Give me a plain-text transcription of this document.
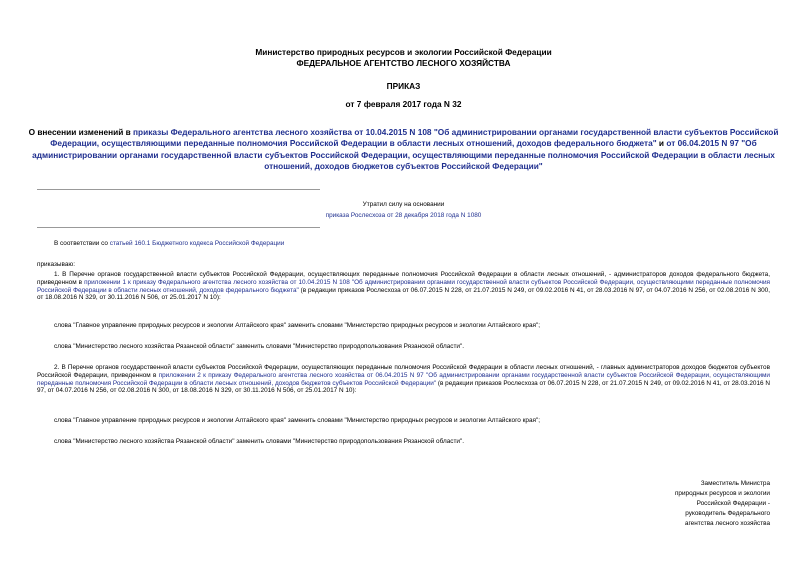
Министерство природных ресурсов и экологии Российской Федерации
ФЕДЕРАЛЬНОЕ АГЕНТСТВО ЛЕСНОГО ХОЗЯЙСТВА
ПРИКАЗ
от 7 февраля 2017 года N 32
О внесении изменений в приказы Федерального агентства лесного хозяйства от 10.04.2015 N 108 "Об администрировании органами государственной власти субъектов Российской Федерации, осуществляющими переданные полномочия Российской Федерации в области лесных отношений, доходов федерального бюджета" и от 06.04.2015 N 97 "Об администрировании органами государственной власти субъектов Российской Федерации, осуществляющими переданные полномочия Российской Федерации в области лесных отношений, доходов бюджетов субъектов Российской Федерации"
Утратил силу на основании
приказа Рослесхоза от 28 декабря 2018 года N 1080
В соответствии со статьей 160.1 Бюджетного кодекса Российской Федерации
приказываю:
1. В Перечне органов государственной власти субъектов Российской Федерации, осуществляющих переданные полномочия Российской Федерации в области лесных отношений, - администраторов доходов федерального бюджета, приведенном в приложении 1 к приказу Федерального агентства лесного хозяйства от 10.04.2015 N 108 "Об администрировании органами государственной власти субъектов Российской Федерации, осуществляющими переданные полномочия Российской Федерации в области лесных отношений, доходов федерального бюджета" (в редакции приказов Рослесхоза от 06.07.2015 N 228, от 21.07.2015 N 249, от 09.02.2016 N 41, от 28.03.2016 N 97, от 04.07.2016 N 256, от 02.08.2016 N 300, от 18.08.2016 N 329, от 30.11.2016 N 506, от 25.01.2017 N 10):
слова "Главное управление природных ресурсов и экологии Алтайского края" заменить словами "Министерство природных ресурсов и экологии Алтайского края";
слова "Министерство лесного хозяйства Рязанской области" заменить словами "Министерство природопользования Рязанской области".
2. В Перечне органов государственной власти субъектов Российской Федерации, осуществляющих переданные полномочия Российской Федерации в области лесных отношений, - главных администраторов доходов бюджетов субъектов Российской Федерации, приведенном в приложении 2 к приказу Федерального агентства лесного хозяйства от 06.04.2015 N 97 "Об администрировании органами государственной власти субъектов Российской Федерации, осуществляющими переданные полномочия Российской Федерации в области лесных отношений, доходов бюджетов субъектов Российской Федерации" (в редакции приказов Рослесхоза от 06.07.2015 N 228, от 21.07.2015 N 249, от 09.02.2016 N 41, от 28.03.2016 N 97, от 04.07.2016 N 256, от 02.08.2016 N 300, от 18.08.2016 N 329, от 30.11.2016 N 506, от 25.01.2017 N 10):
слова "Главное управление природных ресурсов и экологии Алтайского края" заменить словами "Министерство природных ресурсов и экологии Алтайского края";
слова "Министерство лесного хозяйства Рязанской области" заменить словами "Министерство природопользования Рязанской области".
Заместитель Министра
природных ресурсов и экологии
Российской Федерации -
руководитель Федерального
агентства лесного хозяйства
